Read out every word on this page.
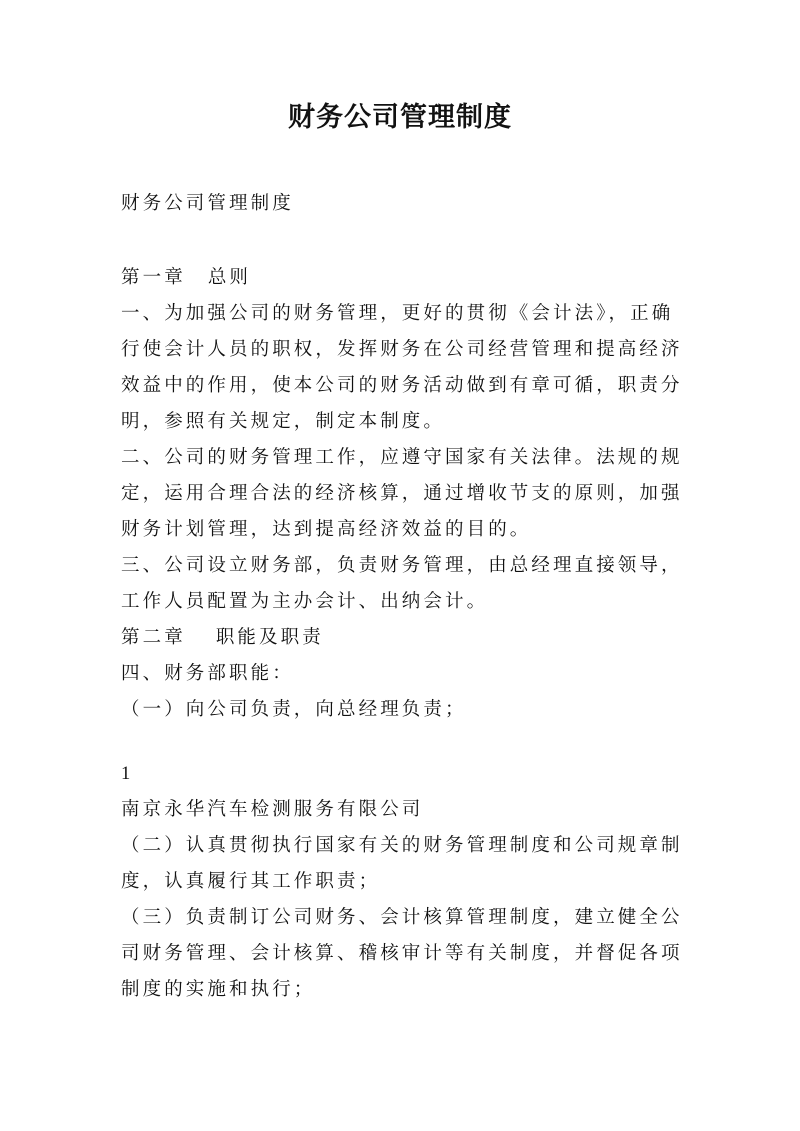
财务公司管理制度
财务公司管理制度
第一章 总则
一、为加强公司的财务管理，更好的贯彻《会计法》，正确
行使会计人员的职权，发挥财务在公司经营管理和提高经济
效益中的作用，使本公司的财务活动做到有章可循，职责分
明，参照有关规定，制定本制度。
二、公司的财务管理工作，应遵守国家有关法律。法规的规
定，运用合理合法的经济核算，通过增收节支的原则，加强
财务计划管理，达到提高经济效益的目的。
三、公司设立财务部，负责财务管理，由总经理直接领导，
工作人员配置为主办会计、出纳会计。
第二章 职能及职责
四、财务部职能：
（一）向公司负责，向总经理负责；
1
南京永华汽车检测服务有限公司
（二）认真贯彻执行国家有关的财务管理制度和公司规章制
度，认真履行其工作职责；
（三）负责制订公司财务、会计核算管理制度，建立健全公
司财务管理、会计核算、稽核审计等有关制度，并督促各项
制度的实施和执行；
